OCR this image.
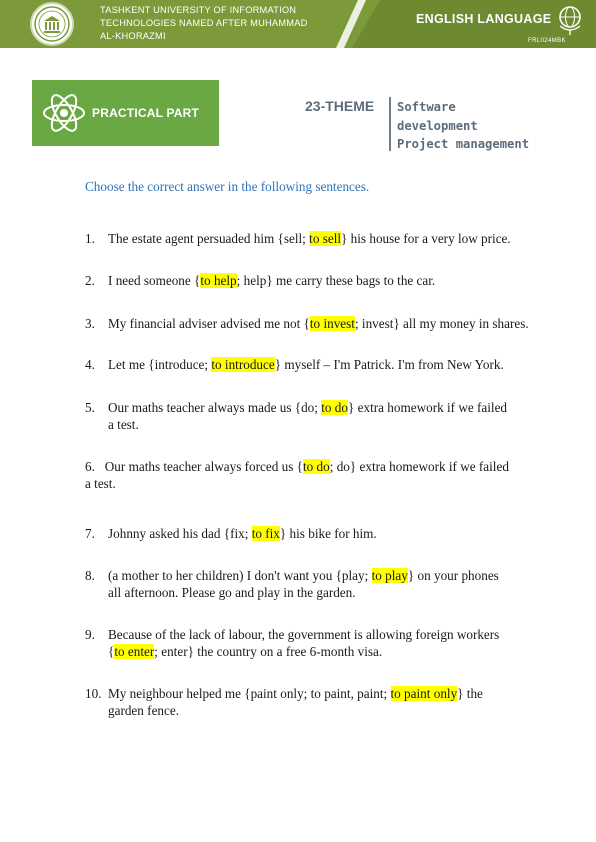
TASHKENT UNIVERSITY OF INFORMATION
TECHNOLOGIES NAMED AFTER MUHAMMAD
AL-KHORAZMI
ENGLISH LANGUAGE
FRL024MBK
PRACTICAL PART	23-THEME Software
development
Project management
Choose the correct answer in the following sentences.
1. The estate agent persuaded him {sell; to sell} his house for a very low price.
2. I need someone {to help; help} me carry these bags to the car.
3. My financial adviser advised me not {to invest; invest} all my money in shares.
4. Let me {introduce; to introduce} myself – I'm Patrick. I'm from New York.
5. Our maths teacher always made us {do; to do} extra homework if we failed
a test.
6.   Our maths teacher always forced us {to do; do} extra homework if we failed
a test.
7. Johnny asked his dad {fix; to fix} his bike for him.
8. (a mother to her children) I don't want you {play; to play} on your phones
all afternoon. Please go and play in the garden.
9. Because of the lack of labour, the government is allowing foreign workers
{to enter; enter} the country on a free 6-month visa.
10. My neighbour helped me {paint only; to paint, paint; to paint only} the
garden fence.
